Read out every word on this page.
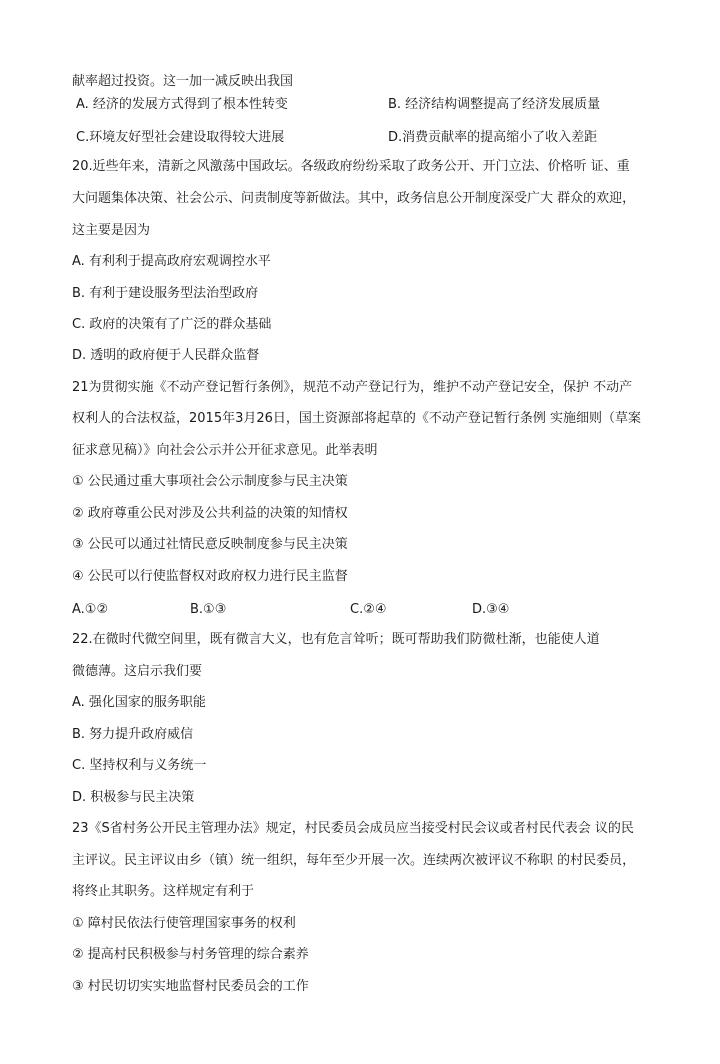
献率超过投资。这一加一减反映出我国
A. 经济的发展方式得到了根本性转变	B. 经济结构调整提高了经济发展质量
C.环境友好型社会建设取得较大进展	D.消费贡献率的提高缩小了收入差距
20.近些年来，清新之风激荡中国政坛。各级政府纷纷采取了政务公开、开门立法、价格听 证、重
大问题集体决策、社会公示、问责制度等新做法。其中，政务信息公开制度深受广大 群众的欢迎，
这主要是因为
A. 有利利于提高政府宏观调控水平
B. 有利于建设服务型法治型政府
C. 政府的决策有了广泛的群众基础
D. 透明的政府便于人民群众监督
21为贯彻实施《不动产登记暂行条例》，规范不动产登记行为，维护不动产登记安全，保护 不动产
权利人的合法权益，2015年3月26日，国土资源部将起草的《不动产登记暂行条例 实施细则（草案
征求意见稿）》向社会公示并公开征求意见。此举表明
① 公民通过重大事项社会公示制度参与民主决策
② 政府尊重公民对涉及公共利益的决策的知情权
③ 公民可以通过社情民意反映制度参与民主决策
④ 公民可以行使监督权对政府权力进行民主监督
A.①②	B.①③	C.②④	D.③④
22.在微时代微空间里，既有微言大义，也有危言耸听；既可帮助我们防微杜渐，也能使人道
微德薄。这启示我们要
A. 强化国家的服务职能
B. 努力提升政府威信
C. 坚持权利与义务统一
D. 积极参与民主决策
23《S省村务公开民主管理办法》规定，村民委员会成员应当接受村民会议或者村民代表会 议的民
主评议。民主评议由乡（镇）统一组织，每年至少开展一次。连续两次被评议不称职 的村民委员，
将终止其职务。这样规定有利于
① 障村民依法行使管理国家事务的权利
② 提高村民积极参与村务管理的综合素养
③ 村民切切实实地监督村民委员会的工作
